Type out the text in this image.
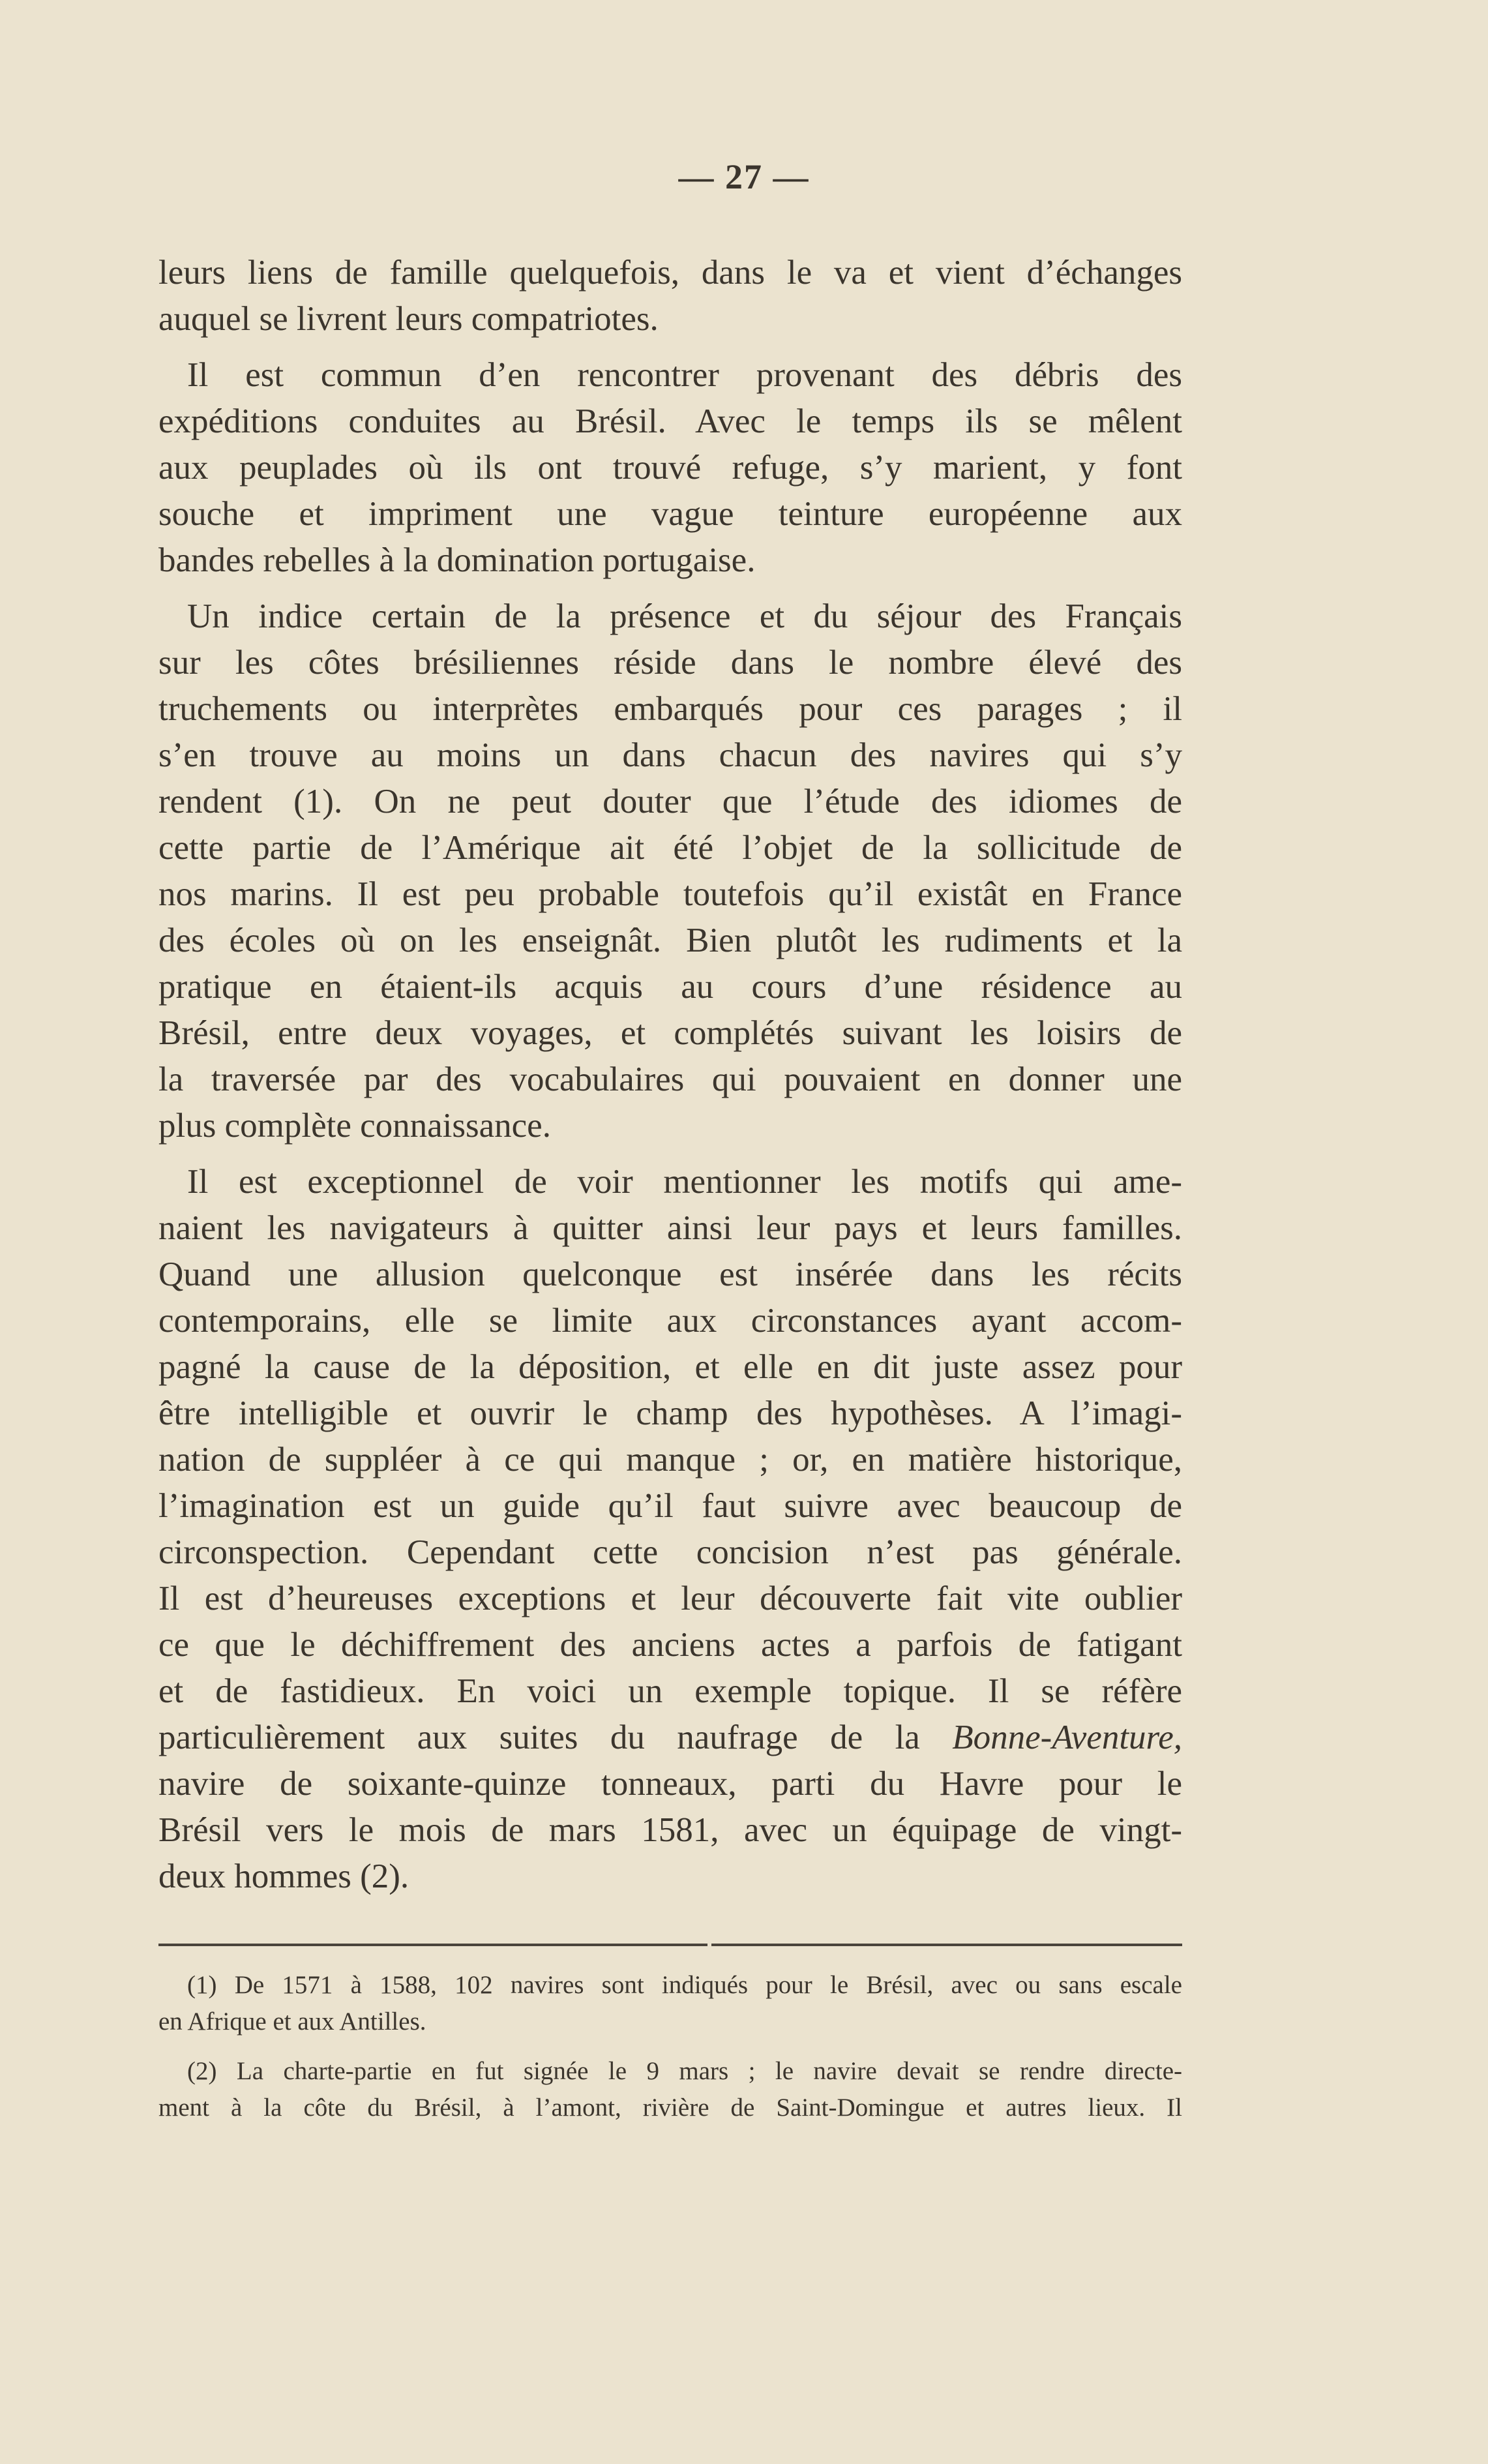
— 27 —
leurs liens de famille quelquefois, dans le va et vient d’échanges
auquel se livrent leurs compatriotes.
Il est commun d’en rencontrer provenant des débris des
expéditions conduites au Brésil. Avec le temps ils se mêlent
aux peuplades où ils ont trouvé refuge, s’y marient, y font
souche et impriment une vague teinture européenne aux
bandes rebelles à la domination portugaise.
Un indice certain de la présence et du séjour des Français
sur les côtes brésiliennes réside dans le nombre élevé des
truchements ou interprètes embarqués pour ces parages ; il
s’en trouve au moins un dans chacun des navires qui s’y
rendent (1). On ne peut douter que l’étude des idiomes de
cette partie de l’Amérique ait été l’objet de la sollicitude de
nos marins. Il est peu probable toutefois qu’il existât en France
des écoles où on les enseignât. Bien plutôt les rudiments et la
pratique en étaient-ils acquis au cours d’une résidence au
Brésil, entre deux voyages, et complétés suivant les loisirs de
la traversée par des vocabulaires qui pouvaient en donner une
plus complète connaissance.
Il est exceptionnel de voir mentionner les motifs qui ame-
naient les navigateurs à quitter ainsi leur pays et leurs familles.
Quand une allusion quelconque est insérée dans les récits
contemporains, elle se limite aux circonstances ayant accom-
pagné la cause de la déposition, et elle en dit juste assez pour
être intelligible et ouvrir le champ des hypothèses. A l’imagi-
nation de suppléer à ce qui manque ; or, en matière historique,
l’imagination est un guide qu’il faut suivre avec beaucoup de
circonspection. Cependant cette concision n’est pas générale.
Il est d’heureuses exceptions et leur découverte fait vite oublier
ce que le déchiffrement des anciens actes a parfois de fatigant
et de fastidieux. En voici un exemple topique. Il se réfère
particulièrement aux suites du naufrage de la Bonne-Aventure,
navire de soixante-quinze tonneaux, parti du Havre pour le
Brésil vers le mois de mars 1581, avec un équipage de vingt-
deux hommes (2).
(1) De 1571 à 1588, 102 navires sont indiqués pour le Brésil, avec ou sans escale
en Afrique et aux Antilles.
(2) La charte-partie en fut signée le 9 mars ; le navire devait se rendre directe-
ment à la côte du Brésil, à l’amont, rivière de Saint-Domingue et autres lieux. Il
